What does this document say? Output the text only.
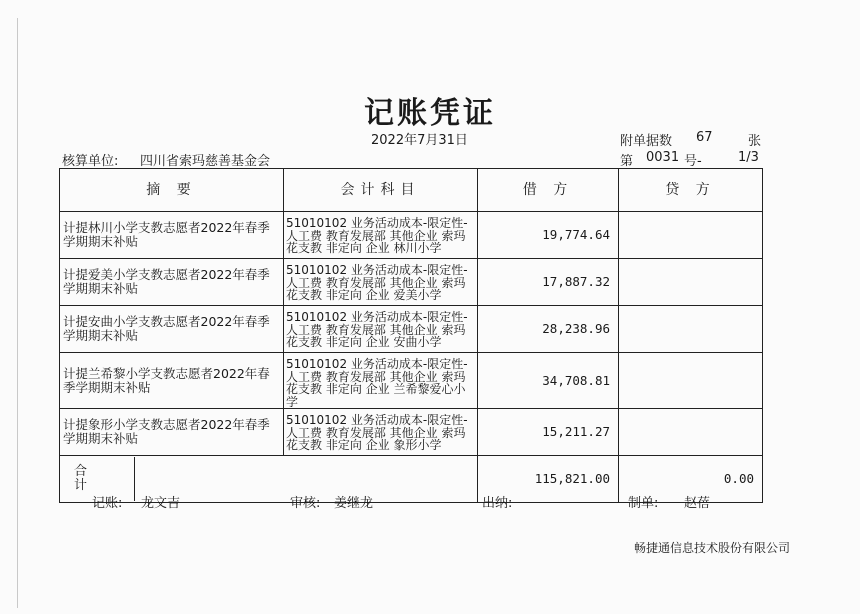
记账凭证
2022年7月31日	附单据数 67	张
核算单位: 四川省索玛慈善基金会	第 0031 号-	1/3
摘 要	会计科目	借 方	贷 方
计提林川小学支教志愿者2022年春季学期期末补贴	51010102 业务活动成本-限定性-人工费 教育发展部 其他企业 索玛花支教 非定向 企业 林川小学	19,774.64	
计提爱美小学支教志愿者2022年春季学期期末补贴	51010102 业务活动成本-限定性-人工费 教育发展部 其他企业 索玛花支教 非定向 企业 爱美小学	17,887.32	
计提安曲小学支教志愿者2022年春季学期期末补贴	51010102 业务活动成本-限定性-人工费 教育发展部 其他企业 索玛花支教 非定向 企业 安曲小学	28,238.96	
计提兰希黎小学支教志愿者2022年春季学期期末补贴	51010102 业务活动成本-限定性-人工费 教育发展部 其他企业 索玛花支教 非定向 企业 兰希黎爱心小学	34,708.81	
计提象形小学支教志愿者2022年春季学期期末补贴	51010102 业务活动成本-限定性-人工费 教育发展部 其他企业 索玛花支教 非定向 企业 象形小学	15,211.27	

合 计		115,821.00	0.00
记账: 龙文吉	审核: 姜继龙	出纳:	制单: 赵蓓
畅捷通信息技术股份有限公司
